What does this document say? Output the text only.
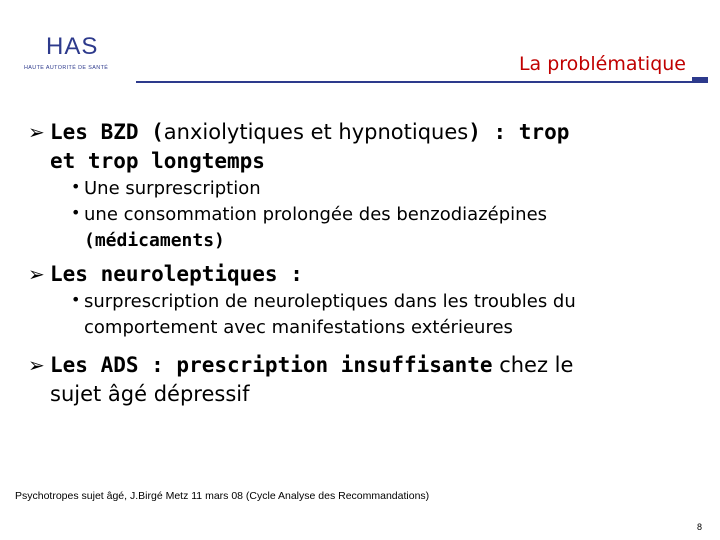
HAS
HAUTE AUTORITÉ DE SANTÉ	La problématique
➢ Les BZD (anxiolytiques et hypnotiques) : trop
et trop longtemps
• Une surprescription
• une consommation prolongée des benzodiazépines
(médicaments)
➢ Les neuroleptiques :
• surprescription de neuroleptiques dans les troubles du
comportement avec manifestations extérieures
➢ Les ADS : prescription insuffisante chez le
sujet âgé dépressif
Psychotropes sujet âgé, J.Birgé Metz 11 mars 08 (Cycle Analyse des Recommandations)
8
